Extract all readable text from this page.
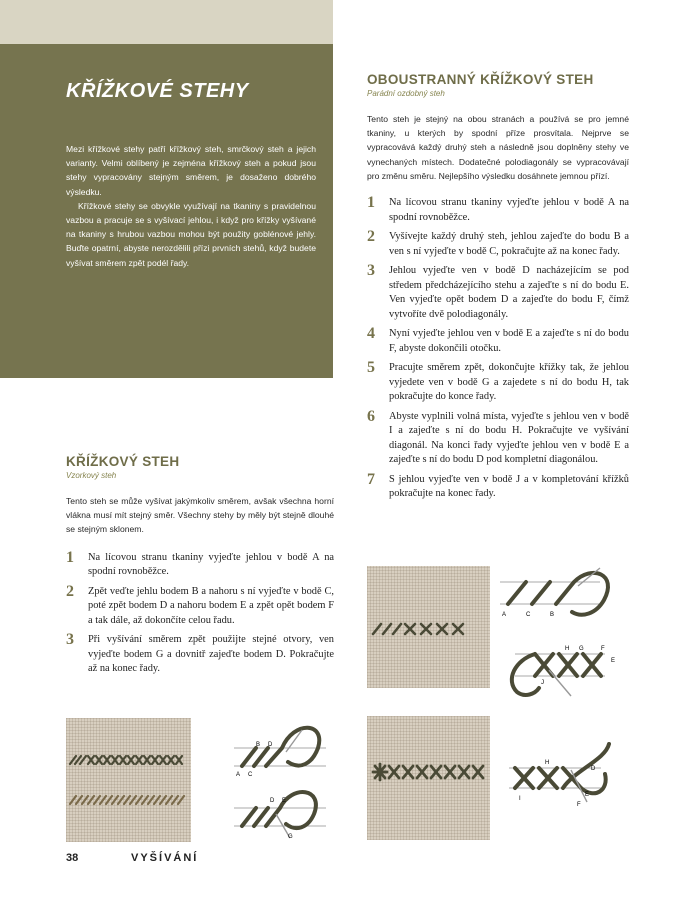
KŘÍŽKOVÉ STEHY

Mezi křížkové stehy patří křížkový steh, smrčkový steh a jejich varianty. Velmi oblíbený je zejména křížkový steh a pokud jsou stehy vypracovány stejným směrem, je dosaženo dobrého výsledku.

Křížkové stehy se obvykle využívají na tkaniny s pravidelnou vazbou a pracuje se s vyšívací jehlou, i když pro křížky vyšívané na tkaniny s hrubou vazbou mohou být použity goblénové jehly. Buďte opatrní, abyste nerozdělili přízi prvních stehů, když budete vyšívat směrem zpět podél řady.

OBOUSTRANNÝ KŘÍŽKOVÝ STEH

Parádní ozdobný steh

Tento steh je stejný na obou stranách a používá se pro jemné tkaniny, u kterých by spodní příze prosvítala. Nejprve se vypracovává každý druhý steh a následně jsou doplněny stehy ve vynechaných místech. Dodatečné polodiagonály se vypracovávají pro změnu směru. Nejlepšího výsledku dosáhnete jemnou přízí.

1 Na lícovou stranu tkaniny vyjeďte jehlou v bodě A na spodní rovnoběžce.
2 Vyšívejte každý druhý steh, jehlou zajeďte do bodu B a ven s ní vyjeďte v bodě C, pokračujte až na konec řady.
3 Jehlou vyjeďte ven v bodě D nacházejícím se pod středem předcházejícího stehu a zajeďte s ní do bodu E. Ven vyjeďte opět bodem D a zajeďte do bodu F, čímž vytvoříte dvě polodiagonály.
4 Nyní vyjeďte jehlou ven v bodě E a zajeďte s ní do bodu F, abyste dokončili otočku.
5 Pracujte směrem zpět, dokončujte křížky tak, že jehlou vyjedete ven v bodě G a zajedete s ní do bodu H, tak pokračujte do konce řady.
6 Abyste vyplnili volná místa, vyjeďte s jehlou ven v bodě I a zajeďte s ní do bodu H. Pokračujte ve vyšívání diagonál. Na konci řady vyjeďte jehlou ven v bodě E a zajeďte s ní do bodu D pod kompletní diagonálou.
7 S jehlou vyjeďte ven v bodě J a v kompletování křížků pokračujte na konec řady.
KŘÍŽKOVÝ STEH

Vzorkový steh

Tento steh se může vyšívat jakýmkoliv směrem, avšak všechna horní vlákna musí mít stejný směr. Všechny stehy by měly být stejně dlouhé se stejným sklonem.

1 Na lícovou stranu tkaniny vyjeďte jehlou v bodě A na spodní rovnoběžce.
2 Zpět veďte jehlu bodem B a nahoru s ní vyjeďte v bodě C, poté zpět bodem D a nahoru bodem E a zpět opět bodem F a tak dále, až dokončíte celou řadu.
3 Při vyšívání směrem zpět použijte stejné otvory, ven vyjeďte bodem G a dovnitř zajeďte bodem D. Pokračujte až na konec řady.
A	C	B
H G	F
E
J
A
B
C
D
D E
G
H
D
E
I
F
38	VYŠÍVÁNÍ
